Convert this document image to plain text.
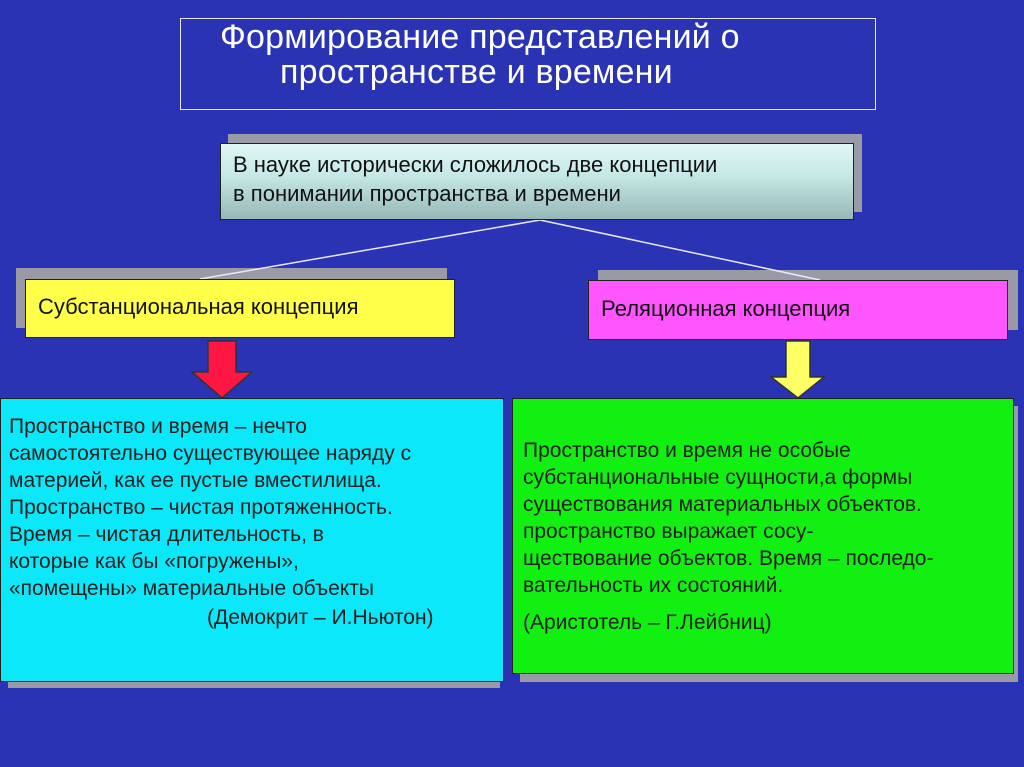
Формирование представлений о
пространстве и времени
В науке исторически сложилось две концепции
в понимании пространства и времени
Субстанциональная концепция	Реляционная концепция
Пространство и время – нечто
самостоятельно существующее наряду с
материей, как ее пустые вместилища.
Пространство – чистая протяженность.
Время – чистая длительность, в
которые как бы «погружены»,
«помещены» материальные объекты
(Демокрит – И.Ньютон)
Пространство и время не особые
субстанциональные сущности,а формы
существования материальных объектов.
пространство выражает сосу-
ществование объектов. Время – последо-
вательность их состояний.
(Аристотель – Г.Лейбниц)
